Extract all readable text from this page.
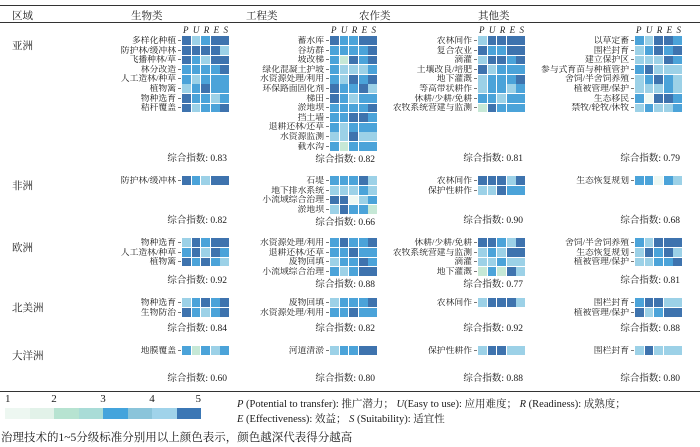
区域	生物类	工程类	农作类	其他类
亚洲
P U R E S
多样化种植
防护林/缓冲林
飞播种林/草
林分改造
人工造林/种草
植物篱
物种选育
秸秆覆盖
综合指数: 0.83
P U R E S
蓄水库
谷坊群
坡改梯
绿化混凝土护坡
水资源处理/利用
环保路面固化剂
梯田
淤地坝
挡土墙
退耕还林/还草
水资源监测
截水沟
综合指数: 0.82
P U R E S
农林间作
复合农业
滴灌
土壤改良/培肥
地下灌溉
等高带状耕作
休耕/少耕/免耕
农牧系统营建与监测
综合指数: 0.81
P U R E S
以草定畜
围栏封育
建立保护区
参与式育苗与种植管护
舍饲/半舍饲养殖
植被管理/保护
生态移民
禁牧/轮牧/休牧
综合指数: 0.79
非洲
防护林/缓冲林
综合指数: 0.82
石堤
地下排水系统
小流域综合治理
淤地坝
综合指数: 0.66
农林间作
保护性耕作
综合指数: 0.90
生态恢复规划
综合指数: 0.68
欧洲
物种选育
人工造林/种草
植物篱
综合指数: 0.92
水资源处理/利用
退耕还林/还草
废物回填
小流域综合治理
综合指数: 0.88
休耕/少耕/免耕
农牧系统营建与监测
滴灌
地下灌溉
综合指数: 0.77
舍饲/半舍饲养殖
生态恢复规划
植被管理/保护
综合指数: 0.81
北美洲
物种选育
生物防治
综合指数: 0.84
废物回填
水资源处理/利用
综合指数: 0.82
农林间作
综合指数: 0.92
围栏封育
植被管理/保护
综合指数: 0.88
大洋洲
地膜覆盖
综合指数: 0.60
河道清淤
综合指数: 0.80
保护性耕作
综合指数: 0.88
围栏封育
综合指数: 0.80
1	2	3	4	5	P (Potential to transfer): 推广潜力； U(Easy to use): 应用难度； R (Readiness): 成熟度；
E (Effectiveness): 效益； S (Suitability): 适宜性
治理技术的1~5分级标准分别用以上颜色表示，颜色越深代表得分越高
